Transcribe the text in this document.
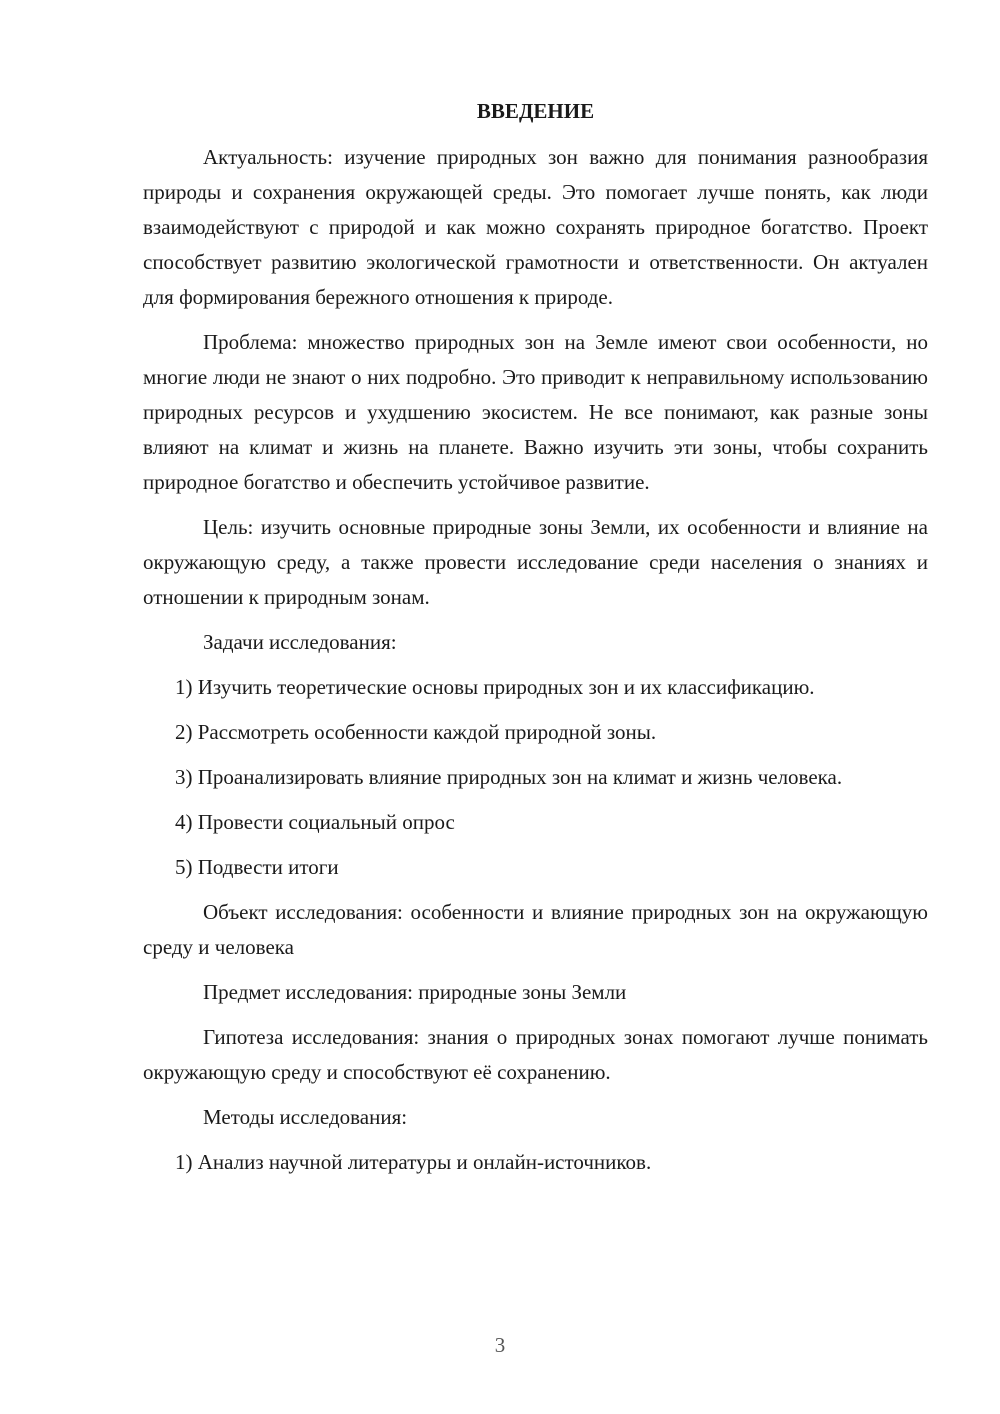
ВВЕДЕНИЕ

Актуальность: изучение природных зон важно для понимания разнообразия природы и сохранения окружающей среды. Это помогает лучше понять, как люди взаимодействуют с природой и как можно сохранять природное богатство. Проект способствует развитию экологической грамотности и ответственности. Он актуален для формирования бережного отношения к природе.

Проблема: множество природных зон на Земле имеют свои особенности, но многие люди не знают о них подробно. Это приводит к неправильному использованию природных ресурсов и ухудшению экосистем. Не все понимают, как разные зоны влияют на климат и жизнь на планете. Важно изучить эти зоны, чтобы сохранить природное богатство и обеспечить устойчивое развитие.

Цель: изучить основные природные зоны Земли, их особенности и влияние на окружающую среду, а также провести исследование среди населения о знаниях и отношении к природным зонам.

Задачи исследования:

1) Изучить теоретические основы природных зон и их классификацию.

2) Рассмотреть особенности каждой природной зоны.

3) Проанализировать влияние природных зон на климат и жизнь человека.

4) Провести социальный опрос

5) Подвести итоги

Объект исследования: особенности и влияние природных зон на окружающую среду и человека

Предмет исследования: природные зоны Земли

Гипотеза исследования: знания о природных зонах помогают лучше понимать окружающую среду и способствуют её сохранению.

Методы исследования:

1) Анализ научной литературы и онлайн-источников.

3
